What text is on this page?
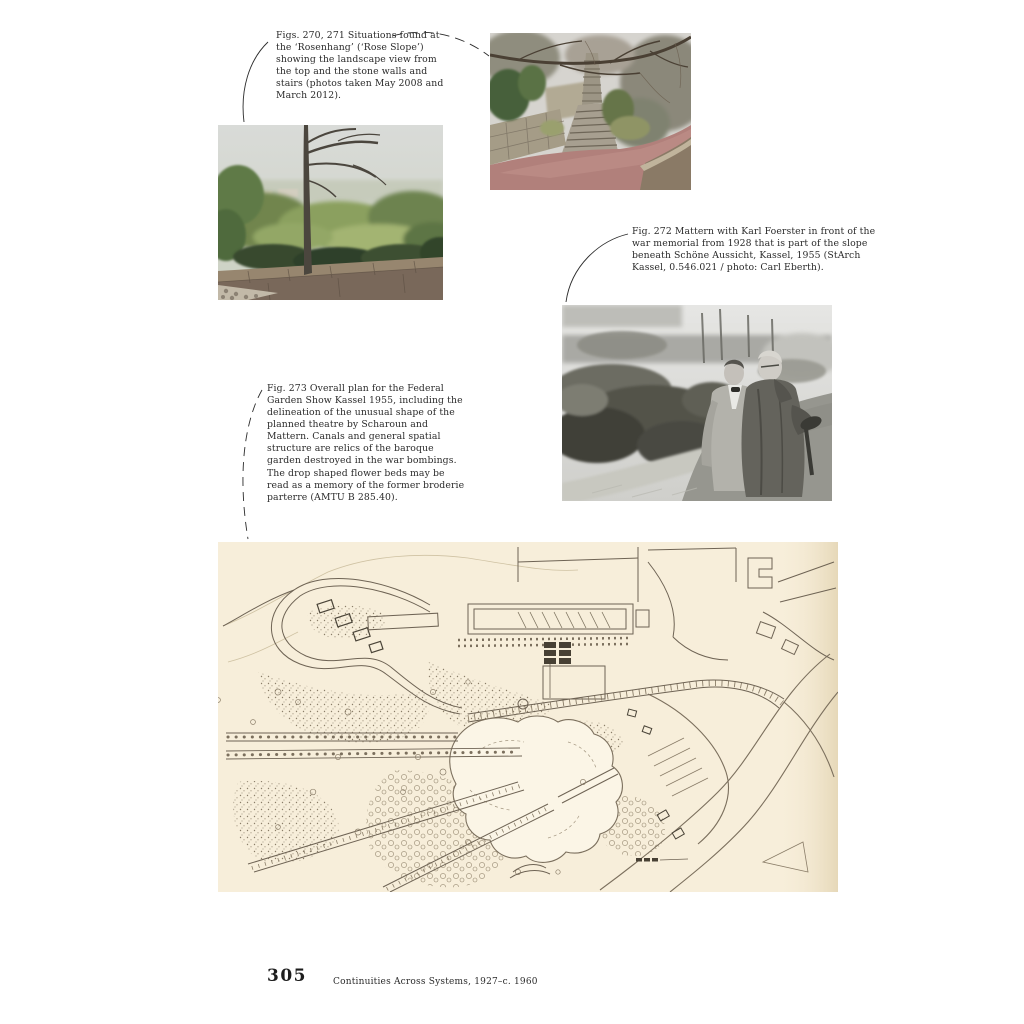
Figs. 270, 271 Situations found at the ‘Rosenhang’ (‘Rose Slope’) showing the landscape view from the top and the stone walls and stairs (photos taken May 2008 and March 2012).
Fig. 272 Mattern with Karl Foerster in front of the war memorial from 1928 that is part of the slope beneath Schöne Aussicht, Kassel, 1955 (StArch Kassel, 0.546.021 / photo: Carl Eberth).
Fig. 273 Overall plan for the Federal Garden Show Kassel 1955, including the delineation of the unusual shape of the planned theatre by Scharoun and Mattern. Canals and general spatial structure are relics of the baroque garden destroyed in the war bombings. The drop shaped flower beds may be read as a memory of the former broderie parterre (AMTU B 285.40).
305	Continuities Across Systems, 1927–c. 1960
